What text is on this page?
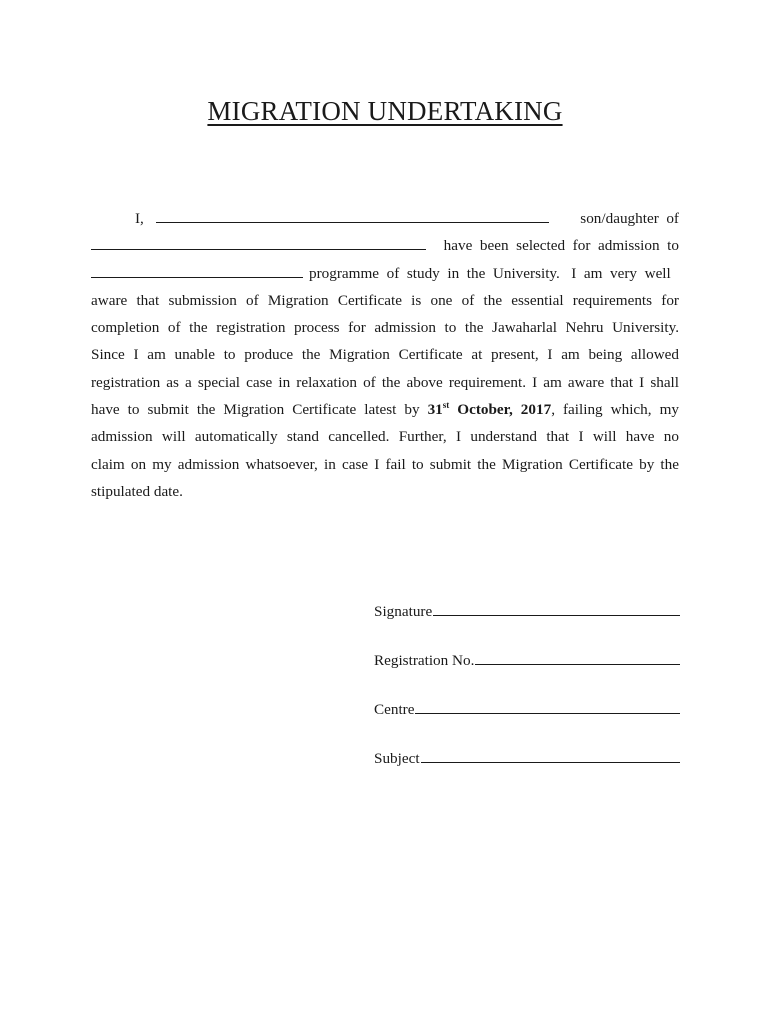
MIGRATION UNDERTAKING
I,	son/daughter  of
have  been  selected  for  admission  to
programme  of  study  in  the  University.   I  am  very  well
aware that submission of Migration Certificate is one of the essential requirements for
completion of the registration process for admission to the Jawaharlal Nehru University.
Since I am unable to produce the Migration Certificate at present, I am being allowed
registration as a special case in relaxation of the above requirement. I am aware that I shall
have to submit the Migration Certificate latest by 31st October, 2017, failing which, my
admission will automatically stand cancelled. Further, I understand that I will have no
claim on my admission whatsoever, in case I fail to submit the Migration Certificate by the
stipulated date.
Signature
Registration No.
Centre
Subject
